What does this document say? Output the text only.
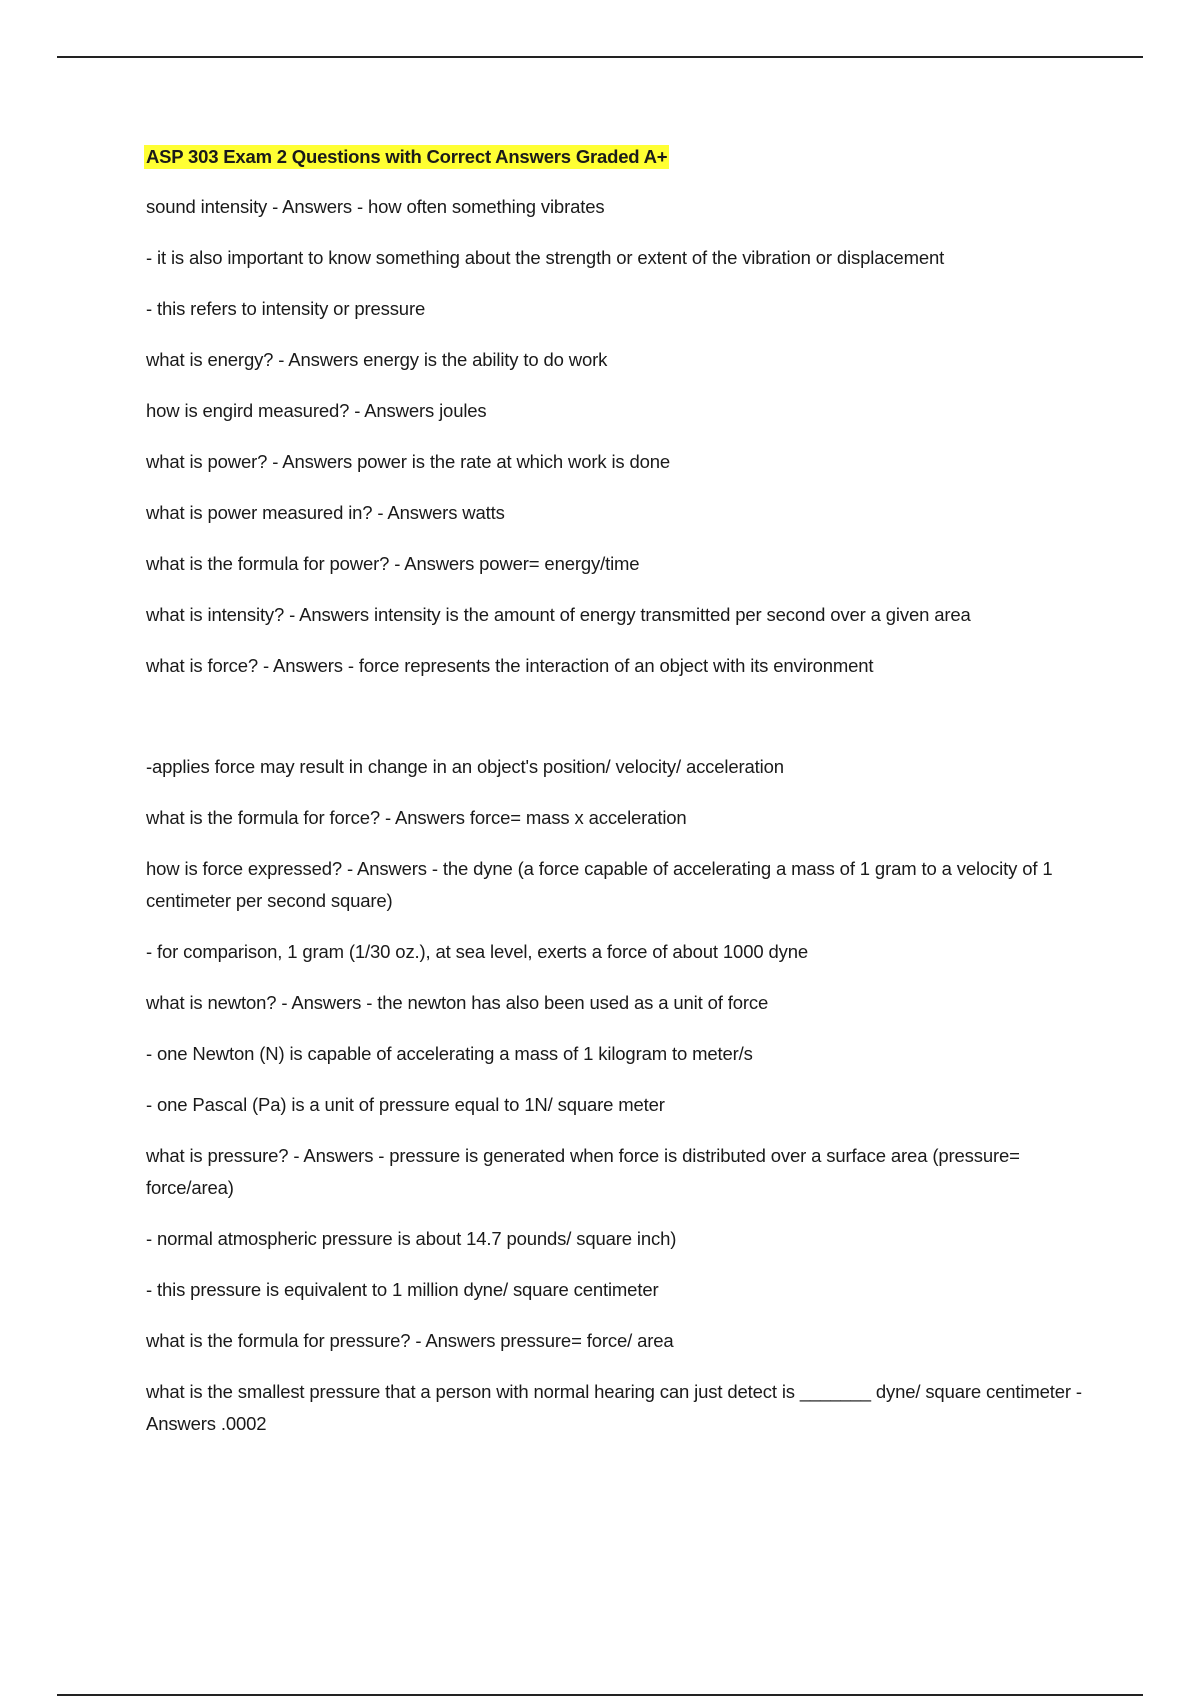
ASP 303 Exam 2 Questions with Correct Answers Graded A+

sound intensity - Answers - how often something vibrates

- it is also important to know something about the strength or extent of the vibration or displacement

- this refers to intensity or pressure

what is energy? - Answers energy is the ability to do work

how is engird measured? - Answers joules

what is power? - Answers power is the rate at which work is done

what is power measured in? - Answers watts

what is the formula for power? - Answers power= energy/time

what is intensity? - Answers intensity is the amount of energy transmitted per second over a given area

what is force? - Answers - force represents the interaction of an object with its environment

-applies force may result in change in an object's position/ velocity/ acceleration

what is the formula for force? - Answers force= mass x acceleration

how is force expressed? - Answers - the dyne (a force capable of accelerating a mass of 1 gram to a velocity of 1 centimeter per second square)

- for comparison, 1 gram (1/30 oz.), at sea level, exerts a force of about 1000 dyne

what is newton? - Answers - the newton has also been used as a unit of force

- one Newton (N) is capable of accelerating a mass of 1 kilogram to meter/s

- one Pascal (Pa) is a unit of pressure equal to 1N/ square meter

what is pressure? - Answers - pressure is generated when force is distributed over a surface area (pressure= force/area)

- normal atmospheric pressure is about 14.7 pounds/ square inch)

- this pressure is equivalent to 1 million dyne/ square centimeter

what is the formula for pressure? - Answers pressure= force/ area

what is the smallest pressure that a person with normal hearing can just detect is _______ dyne/ square centimeter - Answers .0002
